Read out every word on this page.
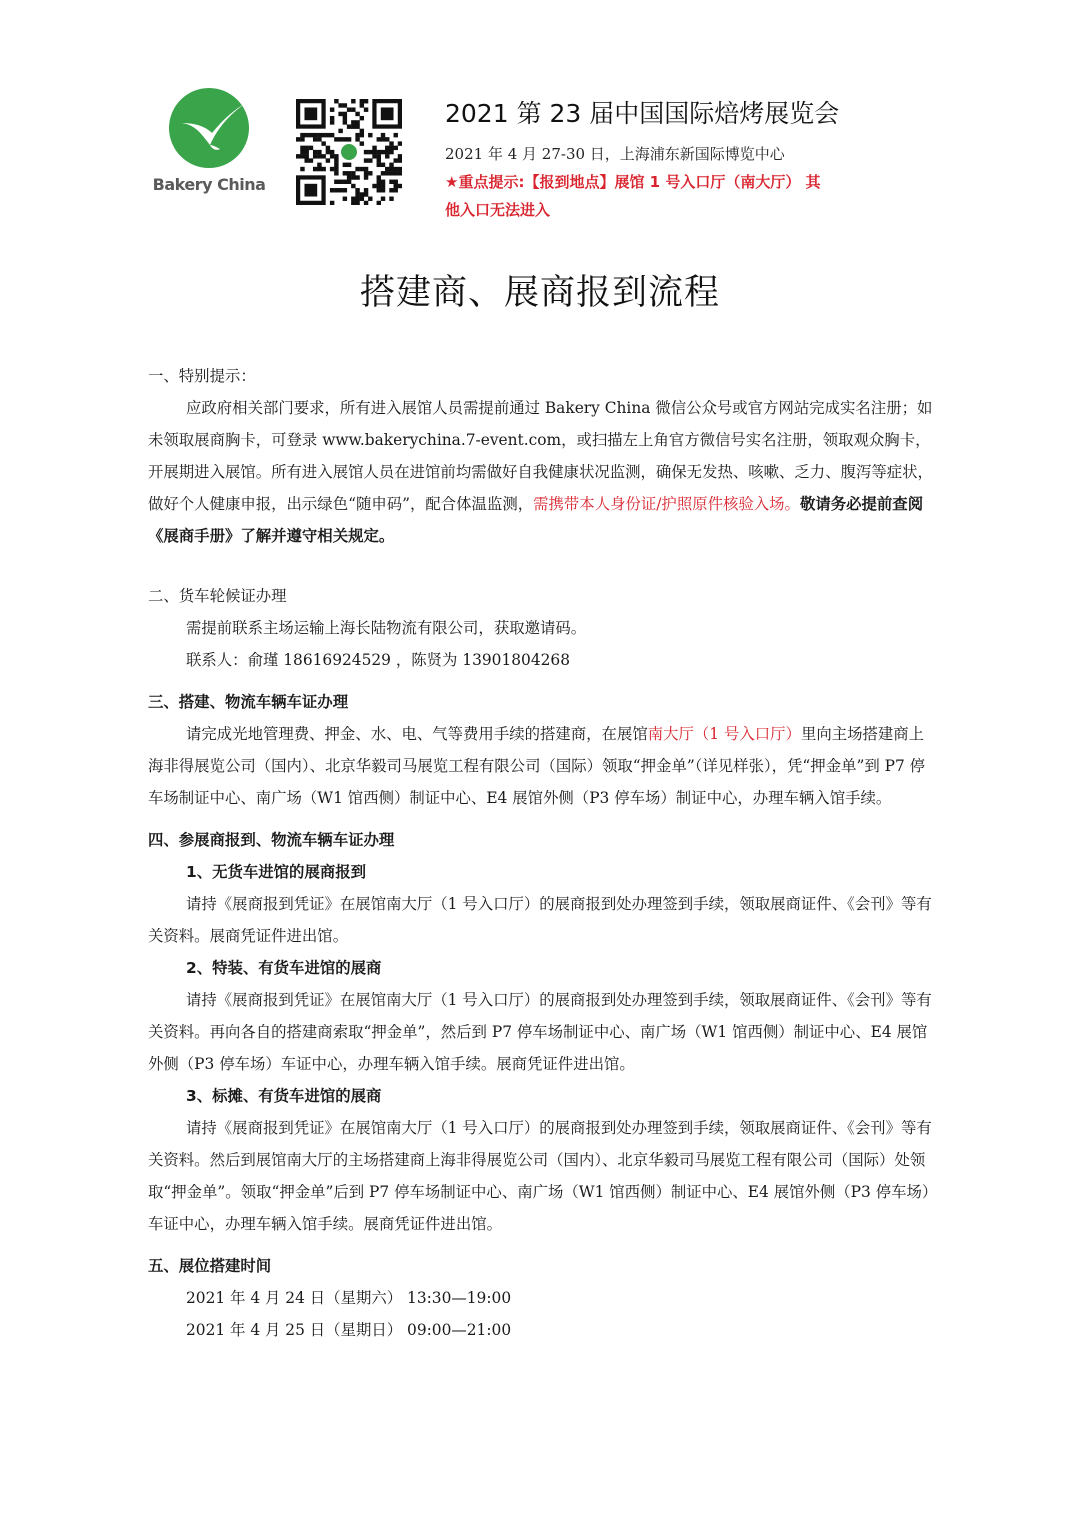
Bakery China
2021 第 23 届中国国际焙烤展览会
2021 年 4 月 27-30 日，上海浦东新国际博览中心
★重点提示:【报到地点】展馆 1 号入口厅（南大厅） 其
他入口无法进入
搭建商、展商报到流程

一、特别提示：

应政府相关部门要求，所有进入展馆人员需提前通过 Bakery China 微信公众号或官方网站完成实名注册；如未领取展商胸卡，可登录 www.bakerychina.7-event.com，或扫描左上角官方微信号实名注册，领取观众胸卡，开展期进入展馆。所有进入展馆人员在进馆前均需做好自我健康状况监测，确保无发热、咳嗽、乏力、腹泻等症状，做好个人健康申报，出示绿色“随申码”，配合体温监测，需携带本人身份证/护照原件核验入场。敬请务必提前查阅《展商手册》了解并遵守相关规定。

二、货车轮候证办理

需提前联系主场运输上海长陆物流有限公司，获取邀请码。

联系人：俞瑾 18616924529 ，陈贤为 13901804268

三、搭建、物流车辆车证办理

请完成光地管理费、押金、水、电、气等费用手续的搭建商，在展馆南大厅（1 号入口厅）里向主场搭建商上海非得展览公司（国内）、北京华毅司马展览工程有限公司（国际）领取“押金单”（详见样张），凭“押金单”到 P7 停车场制证中心、南广场（W1 馆西侧）制证中心、E4 展馆外侧（P3 停车场）制证中心，办理车辆入馆手续。

四、参展商报到、物流车辆车证办理

1、无货车进馆的展商报到

请持《展商报到凭证》在展馆南大厅（1 号入口厅）的展商报到处办理签到手续，领取展商证件、《会刊》等有关资料。展商凭证件进出馆。

2、特装、有货车进馆的展商

请持《展商报到凭证》在展馆南大厅（1 号入口厅）的展商报到处办理签到手续，领取展商证件、《会刊》等有关资料。再向各自的搭建商索取“押金单”，然后到 P7 停车场制证中心、南广场（W1 馆西侧）制证中心、E4 展馆外侧（P3 停车场）车证中心，办理车辆入馆手续。展商凭证件进出馆。

3、标摊、有货车进馆的展商

请持《展商报到凭证》在展馆南大厅（1 号入口厅）的展商报到处办理签到手续，领取展商证件、《会刊》等有关资料。然后到展馆南大厅的主场搭建商上海非得展览公司（国内）、北京华毅司马展览工程有限公司（国际）处领取“押金单”。领取“押金单”后到 P7 停车场制证中心、南广场（W1 馆西侧）制证中心、E4 展馆外侧（P3 停车场）车证中心，办理车辆入馆手续。展商凭证件进出馆。

五、展位搭建时间

2021 年 4 月 24 日（星期六） 13:30—19:00

2021 年 4 月 25 日（星期日） 09:00—21:00
